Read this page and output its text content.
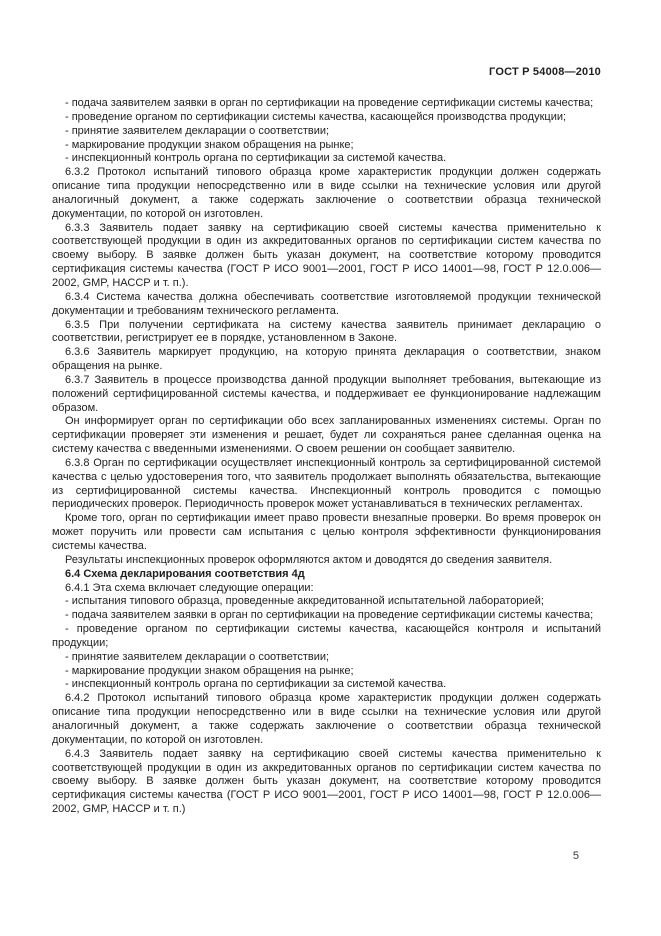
ГОСТ Р 54008—2010

- подача заявителем заявки в орган по сертификации на проведение сертификации системы качества;

- проведение органом по сертификации системы качества, касающейся производства продукции;

- принятие заявителем декларации о соответствии;

- маркирование продукции знаком обращения на рынке;

- инспекционный контроль органа по сертификации за системой качества.

6.3.2 Протокол испытаний типового образца кроме характеристик продукции должен содержать описание типа продукции непосредственно или в виде ссылки на технические условия или другой аналогичный документ, а также содержать заключение о соответствии образца технической документации, по которой он изготовлен.

6.3.3 Заявитель подает заявку на сертификацию своей системы качества применительно к соответствующей продукции в один из аккредитованных органов по сертификации систем качества по своему выбору. В заявке должен быть указан документ, на соответствие которому проводится сертификация системы качества (ГОСТ Р ИСО 9001—2001, ГОСТ Р ИСО 14001—98, ГОСТ Р 12.0.006—2002, GMP, НАССР и т. п.).

6.3.4 Система качества должна обеспечивать соответствие изготовляемой продукции технической документации и требованиям технического регламента.

6.3.5 При получении сертификата на систему качества заявитель принимает декларацию о соответствии, регистрирует ее в порядке, установленном в Законе.

6.3.6 Заявитель маркирует продукцию, на которую принята декларация о соответствии, знаком обращения на рынке.

6.3.7 Заявитель в процессе производства данной продукции выполняет требования, вытекающие из положений сертифицированной системы качества, и поддерживает ее функционирование надлежащим образом.

Он информирует орган по сертификации обо всех запланированных изменениях системы. Орган по сертификации проверяет эти изменения и решает, будет ли сохраняться ранее сделанная оценка на систему качества с введенными изменениями. О своем решении он сообщает заявителю.

6.3.8 Орган по сертификации осуществляет инспекционный контроль за сертифицированной системой качества с целью удостоверения того, что заявитель продолжает выполнять обязательства, вытекающие из сертифицированной системы качества. Инспекционный контроль проводится с помощью периодических проверок. Периодичность проверок может устанавливаться в технических регламентах.

Кроме того, орган по сертификации имеет право провести внезапные проверки. Во время проверок он может поручить или провести сам испытания с целью контроля эффективности функционирования системы качества.

Результаты инспекционных проверок оформляются актом и доводятся до сведения заявителя.

6.4 Схема декларирования соответствия 4д

6.4.1 Эта схема включает следующие операции:

- испытания типового образца, проведенные аккредитованной испытательной лабораторией;

- подача заявителем заявки в орган по сертификации на проведение сертификации системы качества;

- проведение органом по сертификации системы качества, касающейся контроля и испытаний продукции;

- принятие заявителем декларации о соответствии;

- маркирование продукции знаком обращения на рынке;

- инспекционный контроль органа по сертификации за системой качества.

6.4.2 Протокол испытаний типового образца кроме характеристик продукции должен содержать описание типа продукции непосредственно или в виде ссылки на технические условия или другой аналогичный документ, а также содержать заключение о соответствии образца технической документации, по которой он изготовлен.

6.4.3 Заявитель подает заявку на сертификацию своей системы качества применительно к соответствующей продукции в один из аккредитованных органов по сертификации систем качества по своему выбору. В заявке должен быть указан документ, на соответствие которому проводится сертификация системы качества (ГОСТ Р ИСО 9001—2001, ГОСТ Р ИСО 14001—98, ГОСТ Р 12.0.006—2002, GMP, НАССР и т. п.)

5
